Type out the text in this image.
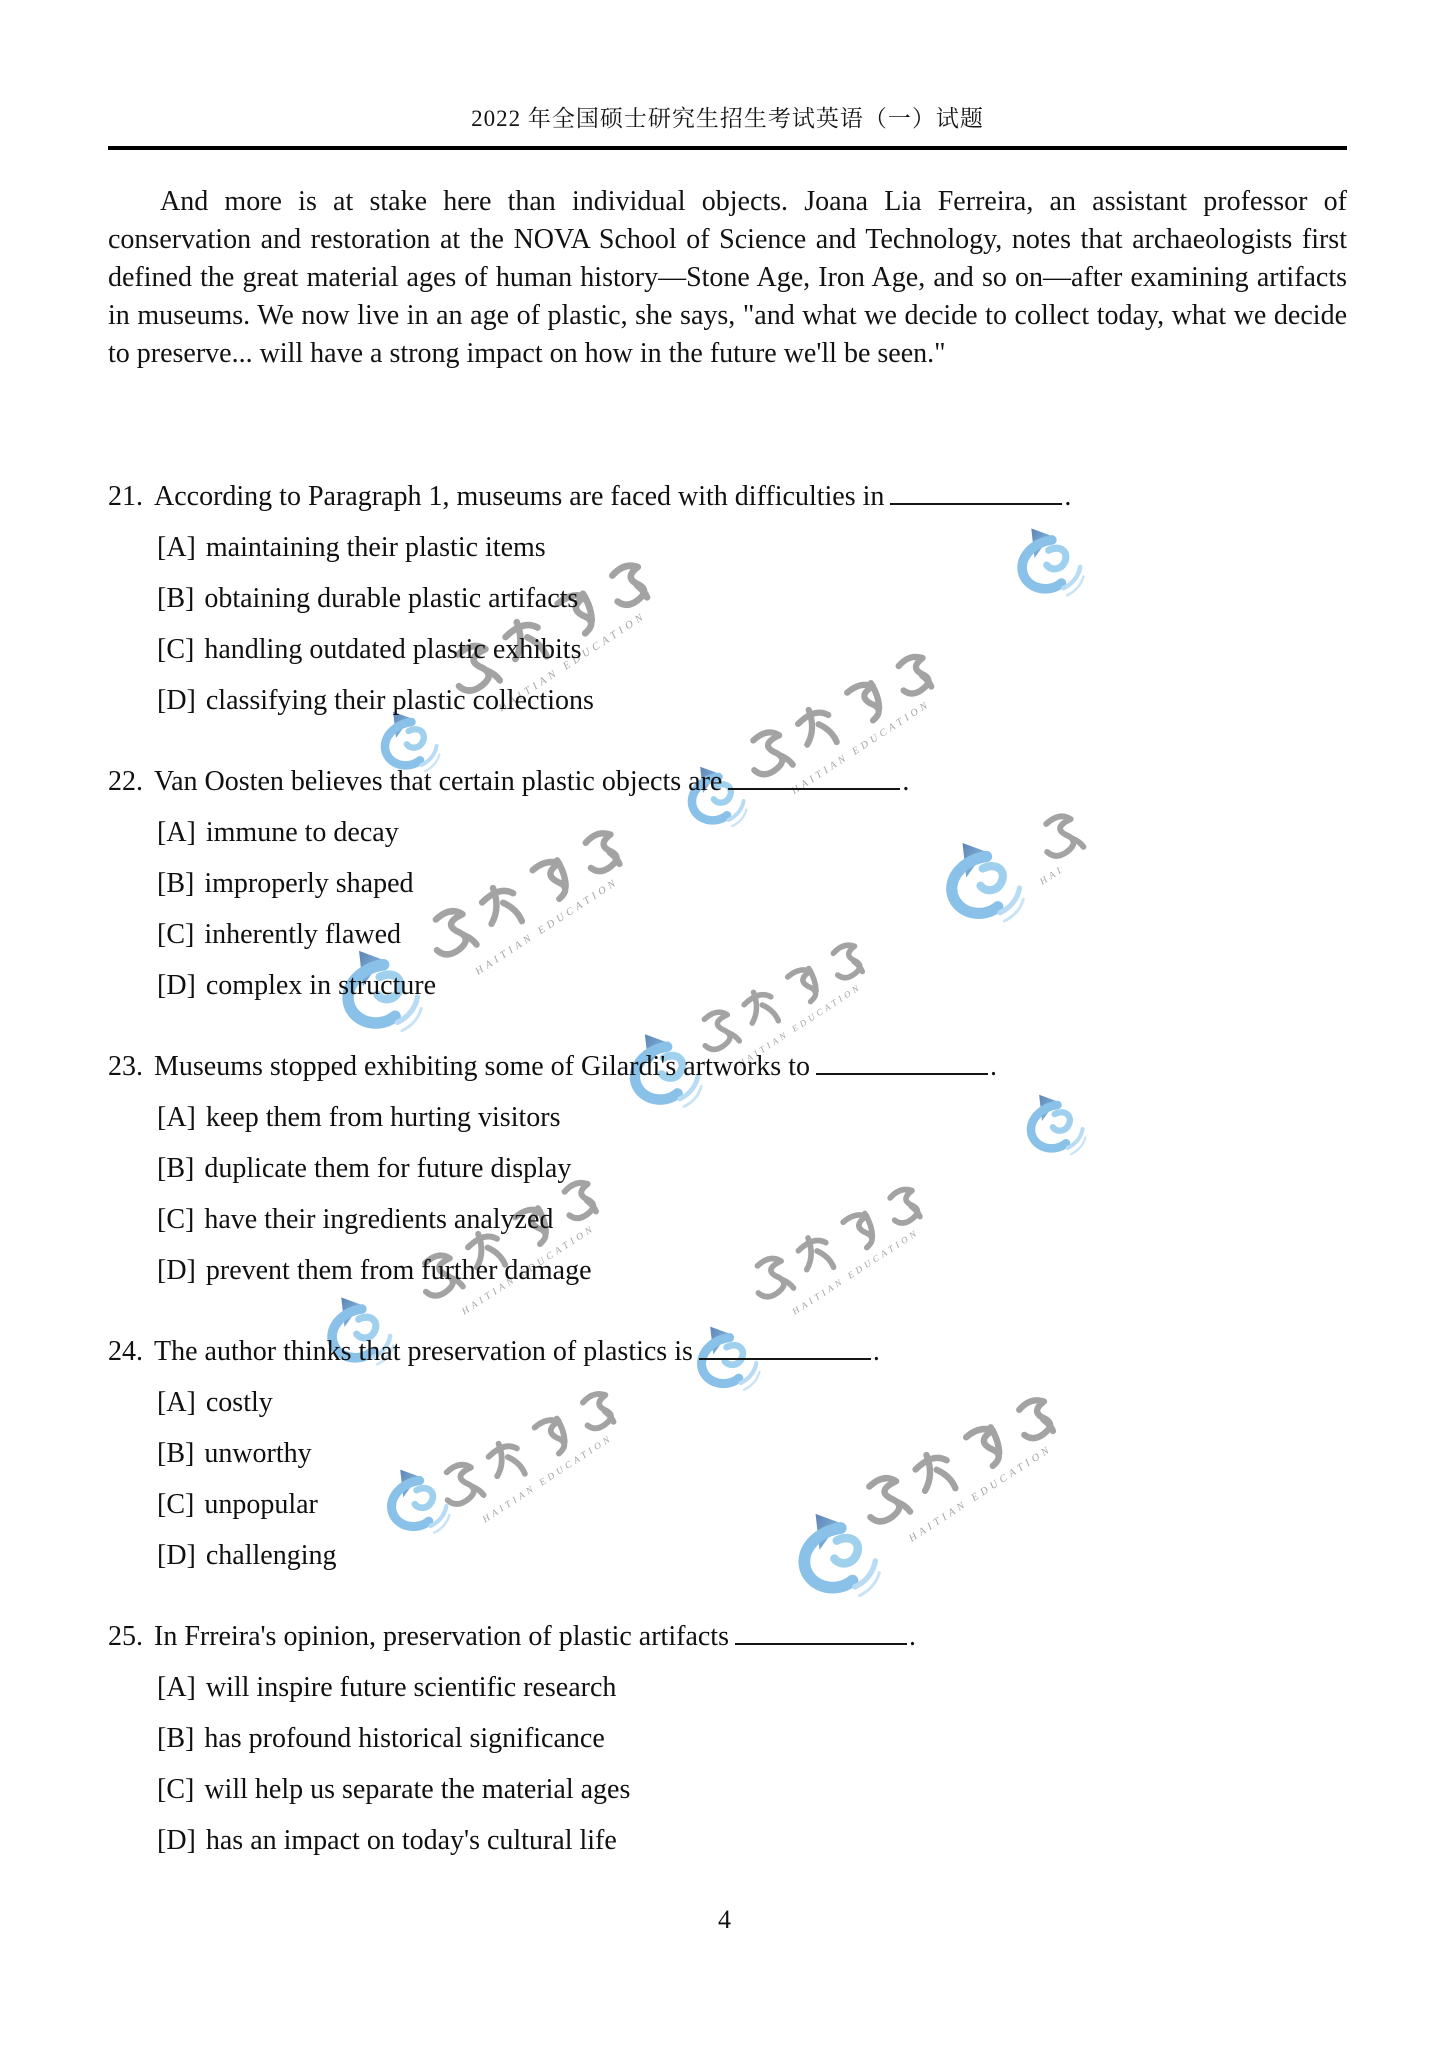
2022 年全国硕士研究生招生考试英语（一）试题
And more is at stake here than individual objects. Joana Lia Ferreira, an assistant professor of conservation and restoration at the NOVA School of Science and Technology, notes that archaeologists first defined the great material ages of human history—Stone Age, Iron Age, and so on—after examining artifacts in museums. We now live in an age of plastic, she says, "and what we decide to collect today, what we decide to preserve... will have a strong impact on how in the future we'll be seen."
21. According to Paragraph 1, museums are faced with difficulties in	.
[A] maintaining their plastic items
[B] obtaining durable plastic artifacts
[C] handling outdated plastic exhibits
[D] classifying their plastic collections
22. Van Oosten believes that certain plastic objects are	.
[A] immune to decay
[B] improperly shaped
[C] inherently flawed
[D] complex in structure
23. Museums stopped exhibiting some of Gilardi's artworks to	.
[A] keep them from hurting visitors
[B] duplicate them for future display
[C] have their ingredients analyzed
[D] prevent them from further damage
24. The author thinks that preservation of plastics is	.
[A] costly
[B] unworthy
[C] unpopular
[D] challenging
25. In Frreira's opinion, preservation of plastic artifacts	.
[A] will inspire future scientific research
[B] has profound historical significance
[C] will help us separate the material ages
[D] has an impact on today's cultural life
4
